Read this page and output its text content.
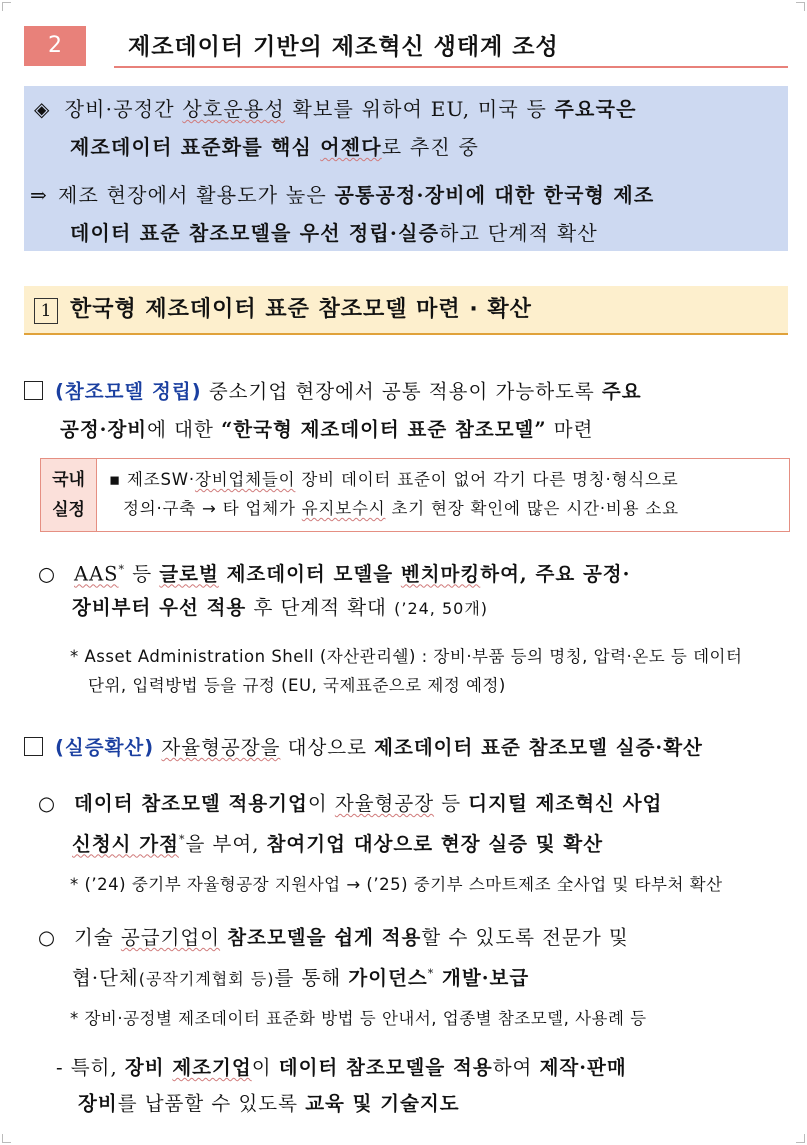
2	제조데이터 기반의 제조혁신 생태계 조성
◈ 장비·공정간 상호운용성 확보를 위하여 EU, 미국 등 주요국은
제조데이터 표준화를 핵심 어젠다로 추진 중
⇒ 제조 현장에서 활용도가 높은 공통공정·장비에 대한 한국형 제조
데이터 표준 참조모델을 우선 정립·실증하고 단계적 확산
1 한국형 제조데이터 표준 참조모델 마련 · 확산
(참조모델 정립) 중소기업 현장에서 공통 적용이 가능하도록 주요
공정·장비에 대한 “한국형 제조데이터 표준 참조모델” 마련
국내
실정
▪ 제조SW·장비업체들이 장비 데이터 표준이 없어 각기 다른 명칭·형식으로
정의·구축 → 타 업체가 유지보수시 초기 현장 확인에 많은 시간·비용 소요
○ AAS* 등 글로벌 제조데이터 모델을 벤치마킹하여, 주요 공정·
장비부터 우선 적용 후 단계적 확대 (’24, 50개)
* Asset Administration Shell (자산관리쉘) : 장비·부품 등의 명칭, 압력·온도 등 데이터
단위, 입력방법 등을 규정 (EU, 국제표준으로 제정 예정)
(실증확산) 자율형공장을 대상으로 제조데이터 표준 참조모델 실증·확산
○ 데이터 참조모델 적용기업이 자율형공장 등 디지털 제조혁신 사업
신청시 가점*을 부여, 참여기업 대상으로 현장 실증 및 확산
* (’24) 중기부 자율형공장 지원사업 → (’25) 중기부 스마트제조 全사업 및 타부처 확산
○ 기술 공급기업이 참조모델을 쉽게 적용할 수 있도록 전문가 및
협·단체(공작기계협회 등)를 통해 가이던스* 개발·보급
* 장비·공정별 제조데이터 표준화 방법 등 안내서, 업종별 참조모델, 사용례 등
- 특히, 장비 제조기업이 데이터 참조모델을 적용하여 제작·판매
장비를 납품할 수 있도록 교육 및 기술지도
